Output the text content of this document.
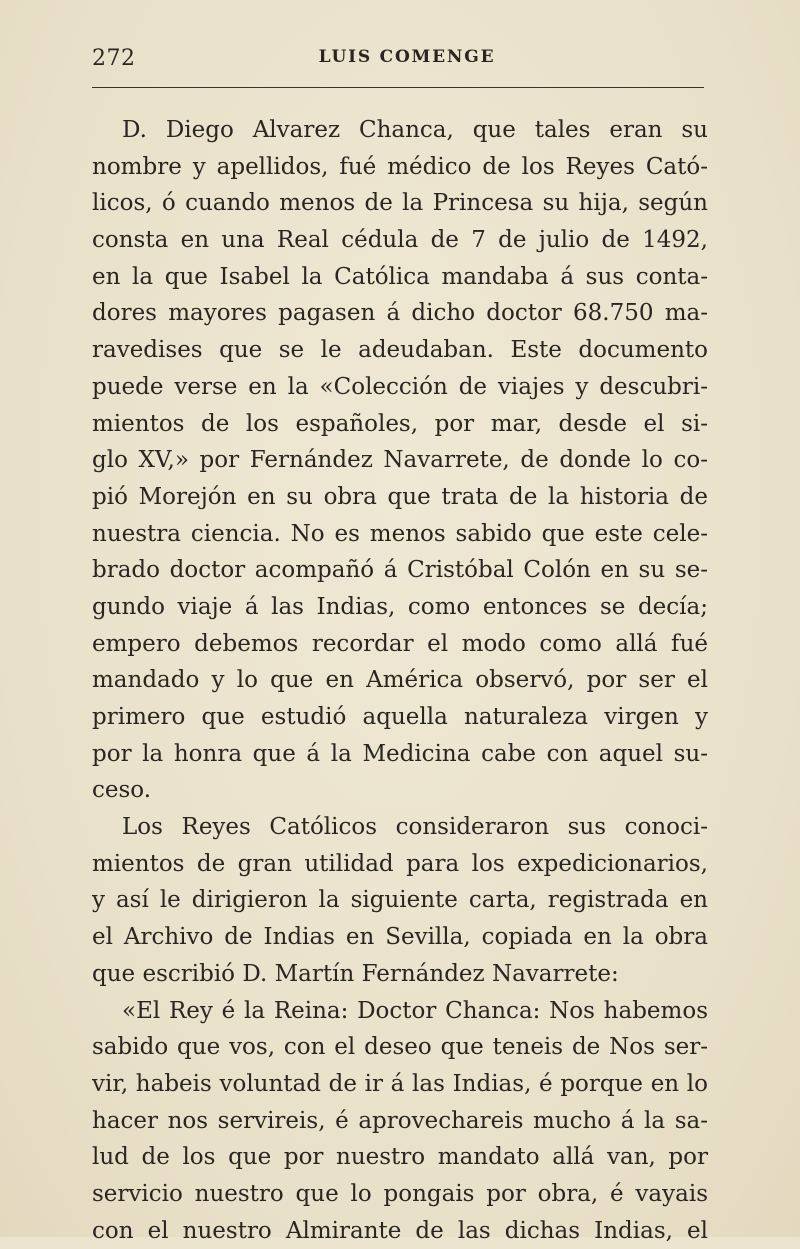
272	LUIS COMENGE
D. Diego Alvarez Chanca, que tales eran su
nombre y apellidos, fué médico de los Reyes Cató-
licos, ó cuando menos de la Princesa su hija, según
consta en una Real cédula de 7 de julio de 1492,
en la que Isabel la Católica mandaba á sus conta-
dores mayores pagasen á dicho doctor 68.750 ma-
ravedises que se le adeudaban. Este documento
puede verse en la «Colección de viajes y descubri-
mientos de los españoles, por mar, desde el si-
glo XV,» por Fernández Navarrete, de donde lo co-
pió Morejón en su obra que trata de la historia de
nuestra ciencia. No es menos sabido que este cele-
brado doctor acompañó á Cristóbal Colón en su se-
gundo viaje á las Indias, como entonces se decía;
empero debemos recordar el modo como allá fué
mandado y lo que en América observó, por ser el
primero que estudió aquella naturaleza virgen y
por la honra que á la Medicina cabe con aquel su-
ceso.
Los Reyes Católicos consideraron sus conoci-
mientos de gran utilidad para los expedicionarios,
y así le dirigieron la siguiente carta, registrada en
el Archivo de Indias en Sevilla, copiada en la obra
que escribió D. Martín Fernández Navarrete:
«El Rey é la Reina: Doctor Chanca: Nos habemos
sabido que vos, con el deseo que teneis de Nos ser-
vir, habeis voluntad de ir á las Indias, é porque en lo
hacer nos servireis, é aprovechareis mucho á la sa-
lud de los que por nuestro mandato allá van, por
servicio nuestro que lo pongais por obra, é vayais
con el nuestro Almirante de las dichas Indias, el
